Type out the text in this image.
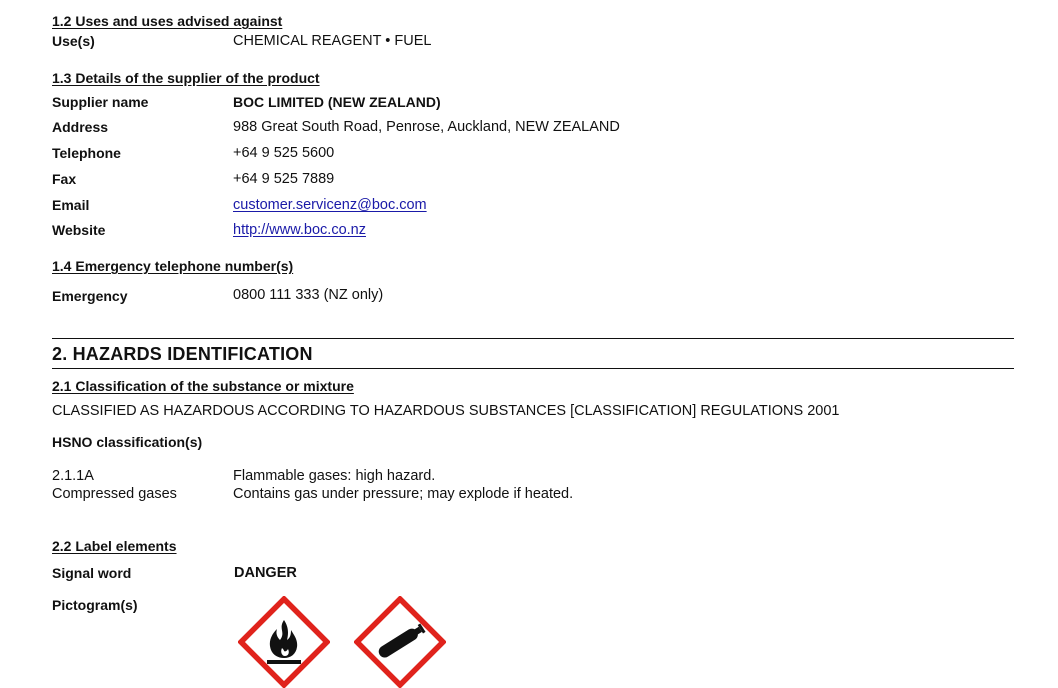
1.2 Uses and uses advised against
Use(s)	CHEMICAL REAGENT • FUEL
1.3 Details of the supplier of the product
Supplier name	BOC LIMITED (NEW ZEALAND)
Address	988 Great South Road, Penrose, Auckland, NEW ZEALAND
Telephone	+64 9 525 5600
Fax	+64 9 525 7889
Email	customer.servicenz@boc.com
Website	http://www.boc.co.nz
1.4 Emergency telephone number(s)
Emergency	0800 111 333 (NZ only)
2. HAZARDS IDENTIFICATION
2.1 Classification of the substance or mixture
CLASSIFIED AS HAZARDOUS ACCORDING TO HAZARDOUS SUBSTANCES [CLASSIFICATION] REGULATIONS 2001
HSNO classification(s)
2.1.1A	Flammable gases: high hazard.
Compressed gases	Contains gas under pressure; may explode if heated.
2.2 Label elements
Signal word	DANGER
Pictogram(s)
